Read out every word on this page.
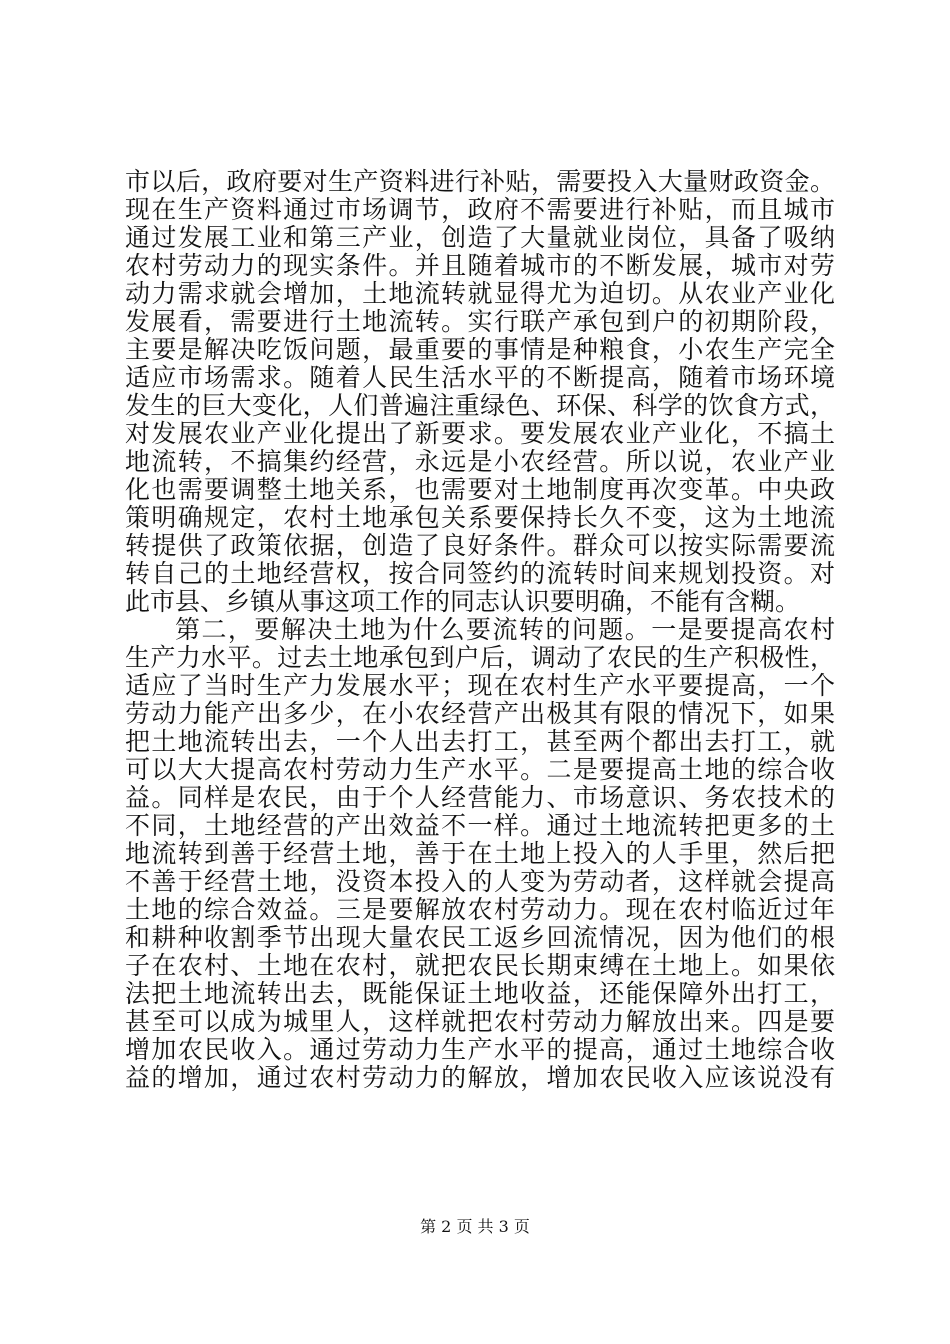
市以后，政府要对生产资料进行补贴，需要投入大量财政资金。
现在生产资料通过市场调节，政府不需要进行补贴，而且城市
通过发展工业和第三产业，创造了大量就业岗位，具备了吸纳
农村劳动力的现实条件。并且随着城市的不断发展，城市对劳
动力需求就会增加，土地流转就显得尤为迫切。从农业产业化
发展看，需要进行土地流转。实行联产承包到户的初期阶段，
主要是解决吃饭问题，最重要的事情是种粮食，小农生产完全
适应市场需求。随着人民生活水平的不断提高，随着市场环境
发生的巨大变化，人们普遍注重绿色、环保、科学的饮食方式，
对发展农业产业化提出了新要求。要发展农业产业化，不搞土
地流转，不搞集约经营，永远是小农经营。所以说，农业产业
化也需要调整土地关系，也需要对土地制度再次变革。中央政
策明确规定，农村土地承包关系要保持长久不变，这为土地流
转提供了政策依据，创造了良好条件。群众可以按实际需要流
转自己的土地经营权，按合同签约的流转时间来规划投资。对
此市县、乡镇从事这项工作的同志认识要明确，不能有含糊。
第二，要解决土地为什么要流转的问题。一是要提高农村
生产力水平。过去土地承包到户后，调动了农民的生产积极性，
适应了当时生产力发展水平；现在农村生产水平要提高，一个
劳动力能产出多少，在小农经营产出极其有限的情况下，如果
把土地流转出去，一个人出去打工，甚至两个都出去打工，就
可以大大提高农村劳动力生产水平。二是要提高土地的综合收
益。同样是农民，由于个人经营能力、市场意识、务农技术的
不同，土地经营的产出效益不一样。通过土地流转把更多的土
地流转到善于经营土地，善于在土地上投入的人手里，然后把
不善于经营土地，没资本投入的人变为劳动者，这样就会提高
土地的综合效益。三是要解放农村劳动力。现在农村临近过年
和耕种收割季节出现大量农民工返乡回流情况，因为他们的根
子在农村、土地在农村，就把农民长期束缚在土地上。如果依
法把土地流转出去，既能保证土地收益，还能保障外出打工，
甚至可以成为城里人，这样就把农村劳动力解放出来。四是要
增加农民收入。通过劳动力生产水平的提高，通过土地综合收
益的增加，通过农村劳动力的解放，增加农民收入应该说没有
第 2 页 共 3 页
